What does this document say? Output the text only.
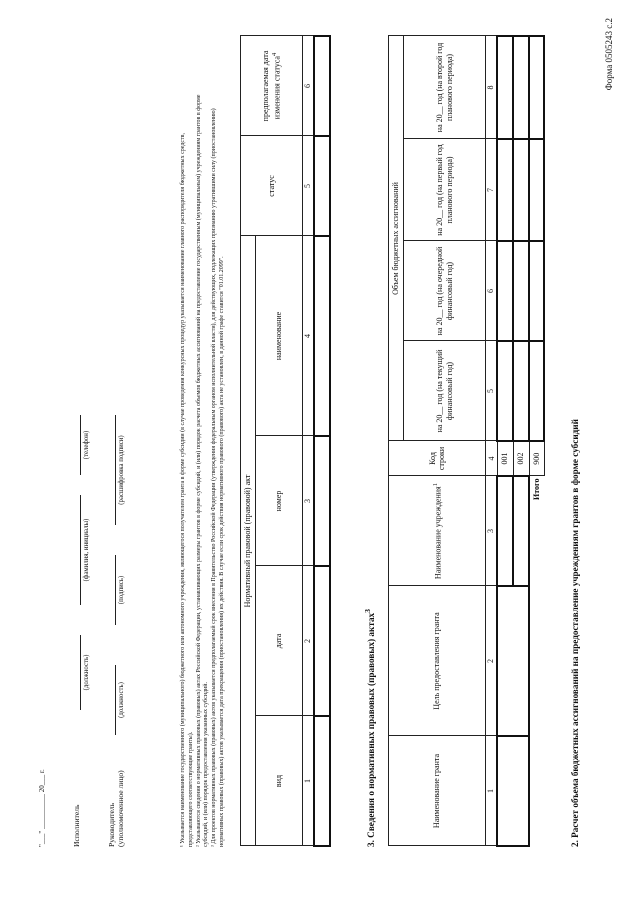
Форма 0505243 с.2
2. Расчет объема бюджетных ассигнований на предоставление учреждениям грантов в форме субсидий
Наименование гранта	Цель предоставления гранта	Наименование учреждения$^1$	Код строки	Объем бюджетных ассигнований			
				на 20__ год (на текущий финансовый год)	на 20__ год (на очередной финансовый год)	на 20__ год (на первый год планового периода)	на 20__ год (на второй год планового периода)
1	2	3	4	5	6	7	8
			001				
			002				
Итого			900				
3. Сведения о нормативных правовых (правовых) актах$^3$
Нормативный правовой (правовой) акт				статус	предполагаемая дата изменения статуса$^4$
вид	дата	номер	наименование		
1	2	3	4	5	6

¹ Указывается наименование государственного (муниципального) бюджетного или автономного учреждения, являющегося получателем гранта в форме субсидии (в случае проведения конкурсных процедур указывается наименование главного распорядителя бюджетных средств, представляющего соответствующие гранты). ² Указываются сведения о нормативных правовых (правовых) актах Российской Федерации, устанавливающих размеры грантов в форме субсидий, и (или) порядок расчета объемов бюджетных ассигнований на предоставление государственным (муниципальным) учреждениям грантов в форме субсидий, и (или) порядок предоставления указанных субсидий. ³ Для проектов нормативных правовых (правовых) актов указывается предполагаемый срок внесения в Правительство Российской Федерации (утверждения федеральным органом исполнительной власти), для действующих, подлежащих признанию утратившими силу (приостановлению) нормативных правовых (правовых) актов указывается дата прекращения (приостановления) их действия. В случае если срок действия нормативного правового (правового) акта не установлен, в данной графе ставится "01.01.2099".

Руководитель (уполномоченное лицо)
(должность)
(подпись)
(расшифровка подписи)
Исполнитель
(должность)
(фамилия, инициалы)
(телефон)
"___" __________ 20___ г.
